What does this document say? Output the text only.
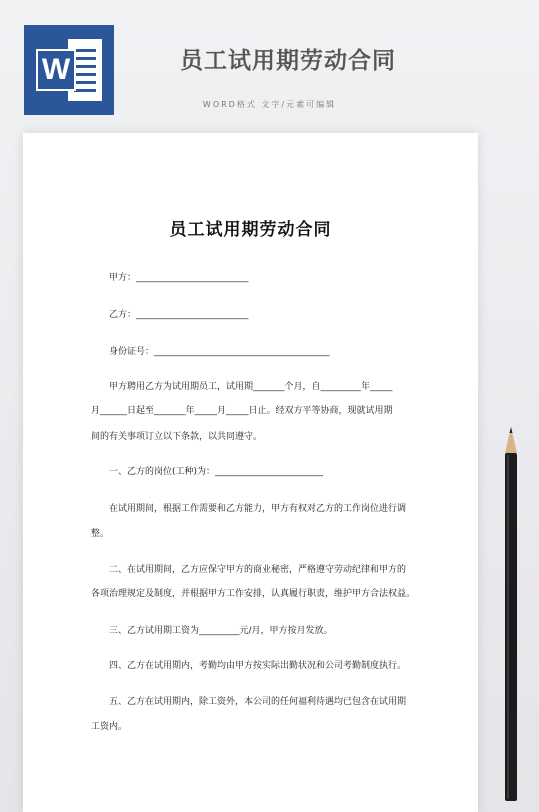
W	员工试用期劳动合同
WORD格式 文字/元素可编辑
员工试用期劳动合同
甲方：_________________________
乙方：_________________________
身份证号：_______________________________________
甲方聘用乙方为试用期员工，试用期_______个月，自_________年_____
月______日起至_______年_____月_____日止。经双方平等协商，现就试用期
间的有关事项订立以下条款，以共同遵守。
一、乙方的岗位(工种)为：________________________
在试用期间，根据工作需要和乙方能力，甲方有权对乙方的工作岗位进行调
整。
二、在试用期间，乙方应保守甲方的商业秘密，严格遵守劳动纪律和甲方的
各项治理规定及制度，并根据甲方工作安排，认真履行职责，维护甲方合法权益。
三、乙方试用期工资为_________元/月，甲方按月发放。
四、乙方在试用期内，考勤均由甲方按实际出勤状况和公司考勤制度执行。
五、乙方在试用期内，除工资外，本公司的任何福利待遇均已包含在试用期
工资内。
